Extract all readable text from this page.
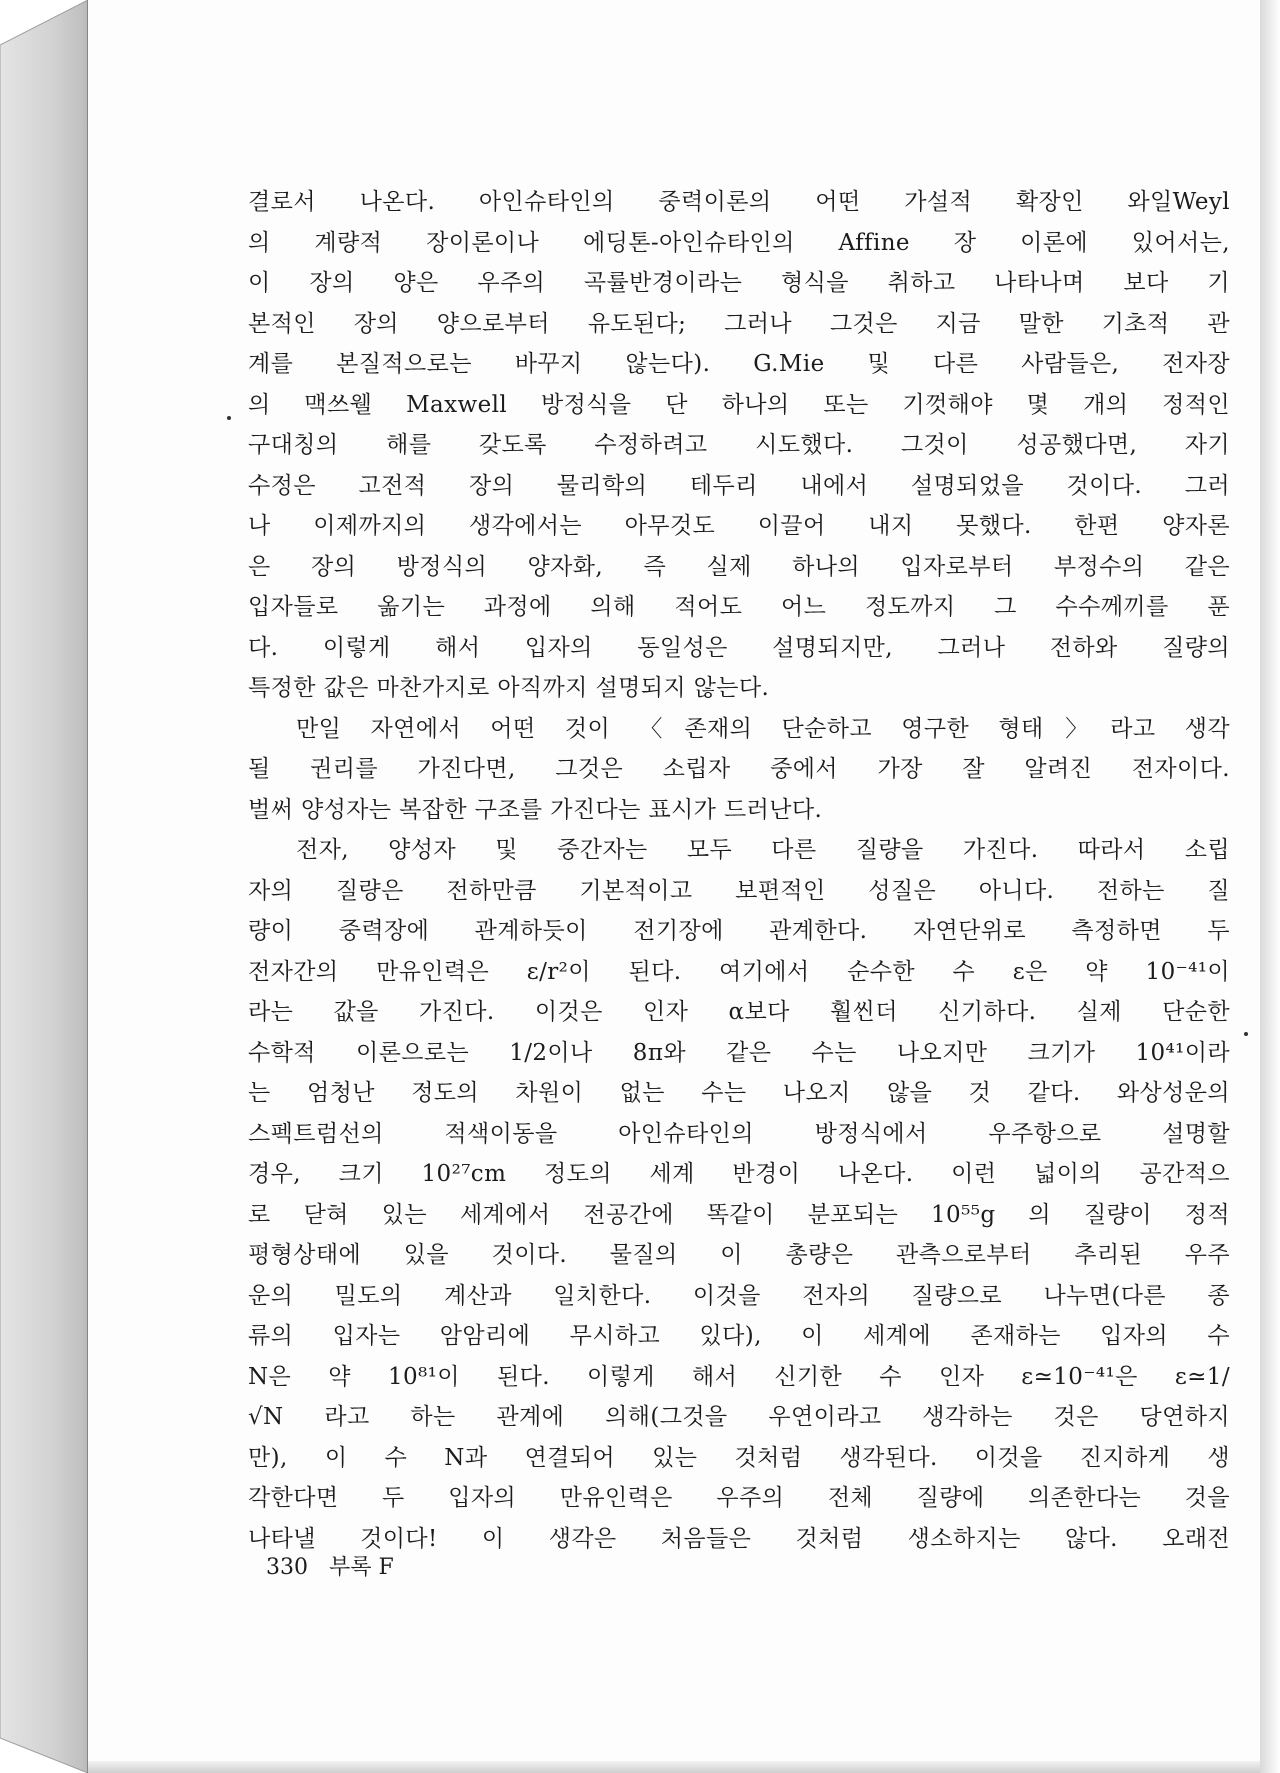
결로서 나온다. 아인슈타인의 중력이론의 어떤 가설적 확장인 와일Weyl
의 계량적 장이론이나 에딩톤-아인슈타인의 Affine 장 이론에 있어서는,
이 장의 양은 우주의 곡률반경이라는 형식을 취하고 나타나며 보다 기
본적인 장의 양으로부터 유도된다; 그러나 그것은 지금 말한 기초적 관
계를 본질적으로는 바꾸지 않는다). G.Mie 및 다른 사람들은, 전자장
의 맥쓰웰 Maxwell 방정식을 단 하나의 또는 기껏해야 몇 개의 정적인
구대칭의 해를 갖도록 수정하려고 시도했다. 그것이 성공했다면, 자기
수정은 고전적 장의 물리학의 테두리 내에서 설명되었을 것이다. 그러
나 이제까지의 생각에서는 아무것도 이끌어 내지 못했다. 한편 양자론
은 장의 방정식의 양자화, 즉 실제 하나의 입자로부터 부정수의 같은
입자들로 옮기는 과정에 의해 적어도 어느 정도까지 그 수수께끼를 푼
다. 이렇게 해서 입자의 동일성은 설명되지만, 그러나 전하와 질량의
특정한 값은 마찬가지로 아직까지 설명되지 않는다.
만일 자연에서 어떤 것이 〈존재의 단순하고 영구한 형태〉라고 생각
될 권리를 가진다면, 그것은 소립자 중에서 가장 잘 알려진 전자이다.
벌써 양성자는 복잡한 구조를 가진다는 표시가 드러난다.
전자, 양성자 및 중간자는 모두 다른 질량을 가진다. 따라서 소립
자의 질량은 전하만큼 기본적이고 보편적인 성질은 아니다. 전하는 질
량이 중력장에 관계하듯이 전기장에 관계한다. 자연단위로 측정하면 두
전자간의 만유인력은 ε/r²이 된다. 여기에서 순수한 수 ε은 약 10⁻⁴¹이
라는 값을 가진다. 이것은 인자 α보다 훨씬더 신기하다. 실제 단순한
수학적 이론으로는 1/2이나 8π와 같은 수는 나오지만 크기가 10⁴¹이라
는 엄청난 정도의 차원이 없는 수는 나오지 않을 것 같다. 와상성운의
스펙트럼선의 적색이동을 아인슈타인의 방정식에서 우주항으로 설명할
경우, 크기 10²⁷cm 정도의 세계 반경이 나온다. 이런 넓이의 공간적으
로 닫혀 있는 세계에서 전공간에 똑같이 분포되는 10⁵⁵g 의 질량이 정적
평형상태에 있을 것이다. 물질의 이 총량은 관측으로부터 추리된 우주
운의 밀도의 계산과 일치한다. 이것을 전자의 질량으로 나누면(다른 종
류의 입자는 암암리에 무시하고 있다), 이 세계에 존재하는 입자의 수
N은 약 10⁸¹이 된다. 이렇게 해서 신기한 수 인자 ε≃10⁻⁴¹은 ε≃1/
√N 라고 하는 관계에 의해(그것을 우연이라고 생각하는 것은 당연하지
만), 이 수 N과 연결되어 있는 것처럼 생각된다. 이것을 진지하게 생
각한다면 두 입자의 만유인력은 우주의 전체 질량에 의존한다는 것을
나타낼 것이다! 이 생각은 처음들은 것처럼 생소하지는 않다. 오래전
330 부록 F
